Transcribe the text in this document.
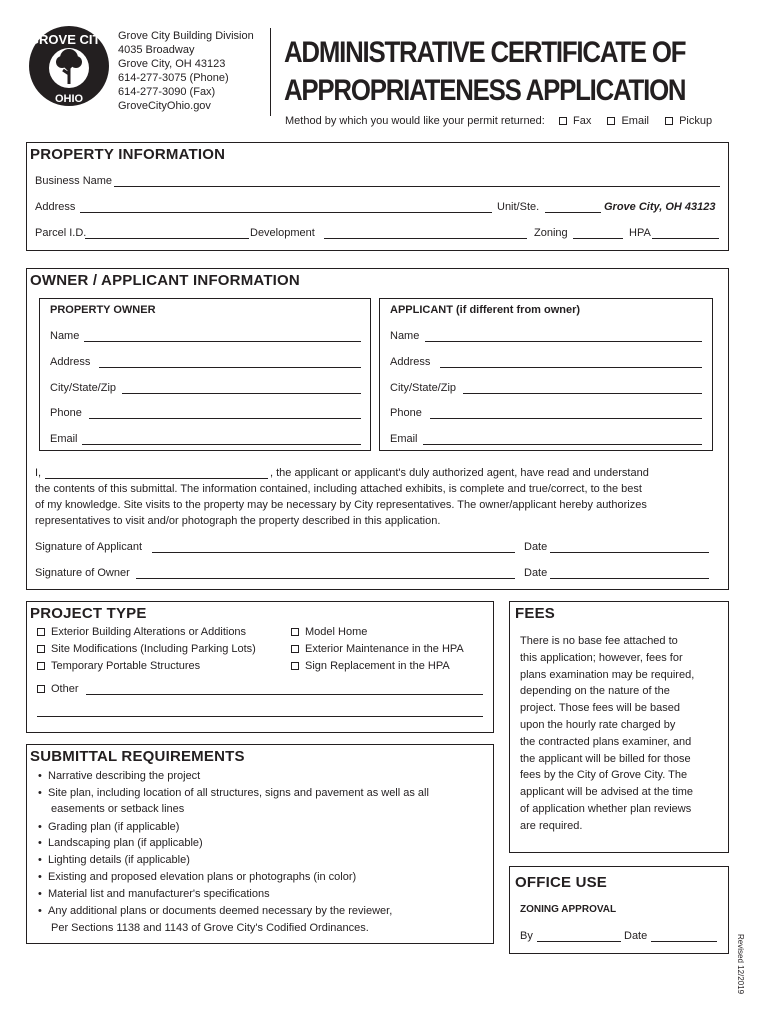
GROVE CITY
OHIO
Grove City Building Division
4035 Broadway
Grove City, OH 43123
614-277-3075 (Phone)
614-277-3090 (Fax)
GroveCityOhio.gov
ADMINISTRATIVE CERTIFICATE OF
APPROPRIATENESS APPLICATION
Method by which you would like your permit returned:	Fax	Email	Pickup
PROPERTY INFORMATION
Business Name
Address	Unit/Ste.	Grove City, OH 43123
Parcel I.D.	Development	Zoning	HPA
OWNER / APPLICANT INFORMATION
PROPERTY OWNER
Name
Address
City/State/Zip
Phone
Email
APPLICANT (if different from owner)
Name
Address
City/State/Zip
Phone
Email
I,	, the applicant or applicant's duly authorized agent, have read and understand
the contents of this submittal. The information contained, including attached exhibits, is complete and true/correct, to the best
of my knowledge. Site visits to the property may be necessary by City representatives. The owner/applicant hereby authorizes
representatives to visit and/or photograph the property described in this application.
Signature of Applicant	Date
Signature of Owner	Date
PROJECT TYPE
Exterior Building Alterations or Additions
Site Modifications (Including Parking Lots)
Temporary Portable Structures
Model Home
Exterior Maintenance in the HPA
Sign Replacement in the HPA
Other
SUBMITTAL REQUIREMENTS
• Narrative describing the project
• Site plan, including location of all structures, signs and pavement as well as all
easements or setback lines
• Grading plan (if applicable)
• Landscaping plan (if applicable)
• Lighting details (if applicable)
• Existing and proposed elevation plans or photographs (in color)
• Material list and manufacturer's specifications
• Any additional plans or documents deemed necessary by the reviewer,
Per Sections 1138 and 1143 of Grove City's Codified Ordinances.
FEES
There is no base fee attached to
this application; however, fees for
plans examination may be required,
depending on the nature of the
project. Those fees will be based
upon the hourly rate charged by
the contracted plans examiner, and
the applicant will be billed for those
fees by the City of Grove City. The
applicant will be advised at the time
of application whether plan reviews
are required.
OFFICE USE
ZONING APPROVAL
By	Date	Revised 12/2019
